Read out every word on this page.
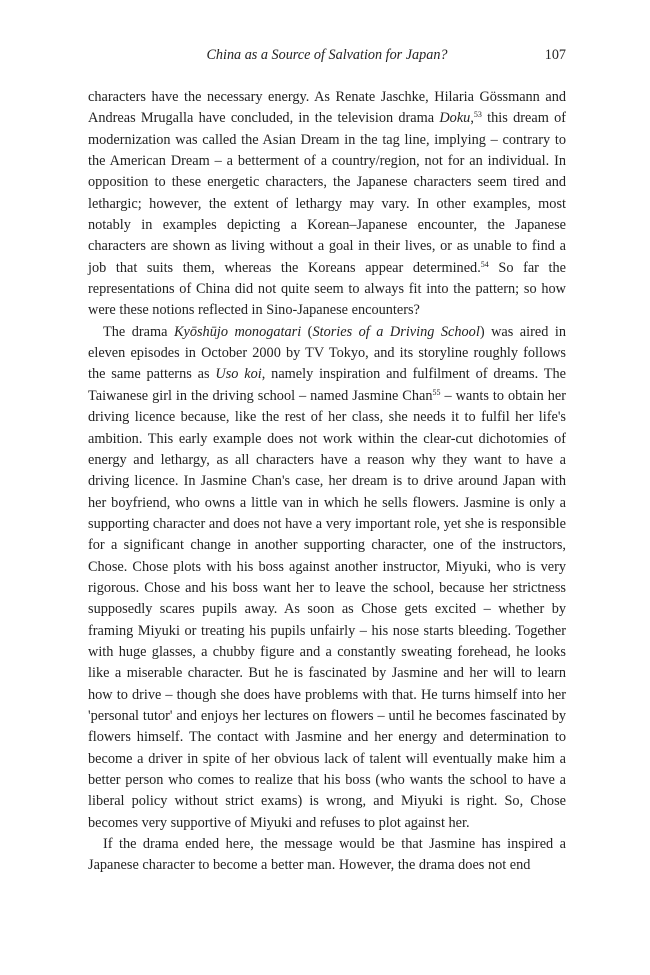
China as a Source of Salvation for Japan?	107

characters have the necessary energy. As Renate Jaschke, Hilaria Gössmann and Andreas Mrugalla have concluded, in the television drama Doku,$^{53}$ this dream of modernization was called the Asian Dream in the tag line, implying – contrary to the American Dream – a betterment of a country/region, not for an individual. In opposition to these energetic characters, the Japanese characters seem tired and lethargic; however, the extent of lethargy may vary. In other examples, most notably in examples depicting a Korean–Japanese encounter, the Japanese characters are shown as living without a goal in their lives, or as unable to find a job that suits them, whereas the Koreans appear determined.$^{54}$ So far the representations of China did not quite seem to always fit into the pattern; so how were these notions reflected in Sino-Japanese encounters?

The drama Kyōshūjo monogatari (Stories of a Driving School) was aired in eleven episodes in October 2000 by TV Tokyo, and its storyline roughly follows the same patterns as Uso koi, namely inspiration and fulfilment of dreams. The Taiwanese girl in the driving school – named Jasmine Chan$^{55}$ – wants to obtain her driving licence because, like the rest of her class, she needs it to fulfil her life's ambition. This early example does not work within the clear-cut dichotomies of energy and lethargy, as all characters have a reason why they want to have a driving licence. In Jasmine Chan's case, her dream is to drive around Japan with her boyfriend, who owns a little van in which he sells flowers. Jasmine is only a supporting character and does not have a very important role, yet she is responsible for a significant change in another supporting character, one of the instructors, Chose. Chose plots with his boss against another instructor, Miyuki, who is very rigorous. Chose and his boss want her to leave the school, because her strictness supposedly scares pupils away. As soon as Chose gets excited – whether by framing Miyuki or treating his pupils unfairly – his nose starts bleeding. Together with huge glasses, a chubby figure and a constantly sweating forehead, he looks like a miserable character. But he is fascinated by Jasmine and her will to learn how to drive – though she does have problems with that. He turns himself into her 'personal tutor' and enjoys her lectures on flowers – until he becomes fascinated by flowers himself. The contact with Jasmine and her energy and determination to become a driver in spite of her obvious lack of talent will eventually make him a better person who comes to realize that his boss (who wants the school to have a liberal policy without strict exams) is wrong, and Miyuki is right. So, Chose becomes very supportive of Miyuki and refuses to plot against her.

If the drama ended here, the message would be that Jasmine has inspired a Japanese character to become a better man. However, the drama does not end
